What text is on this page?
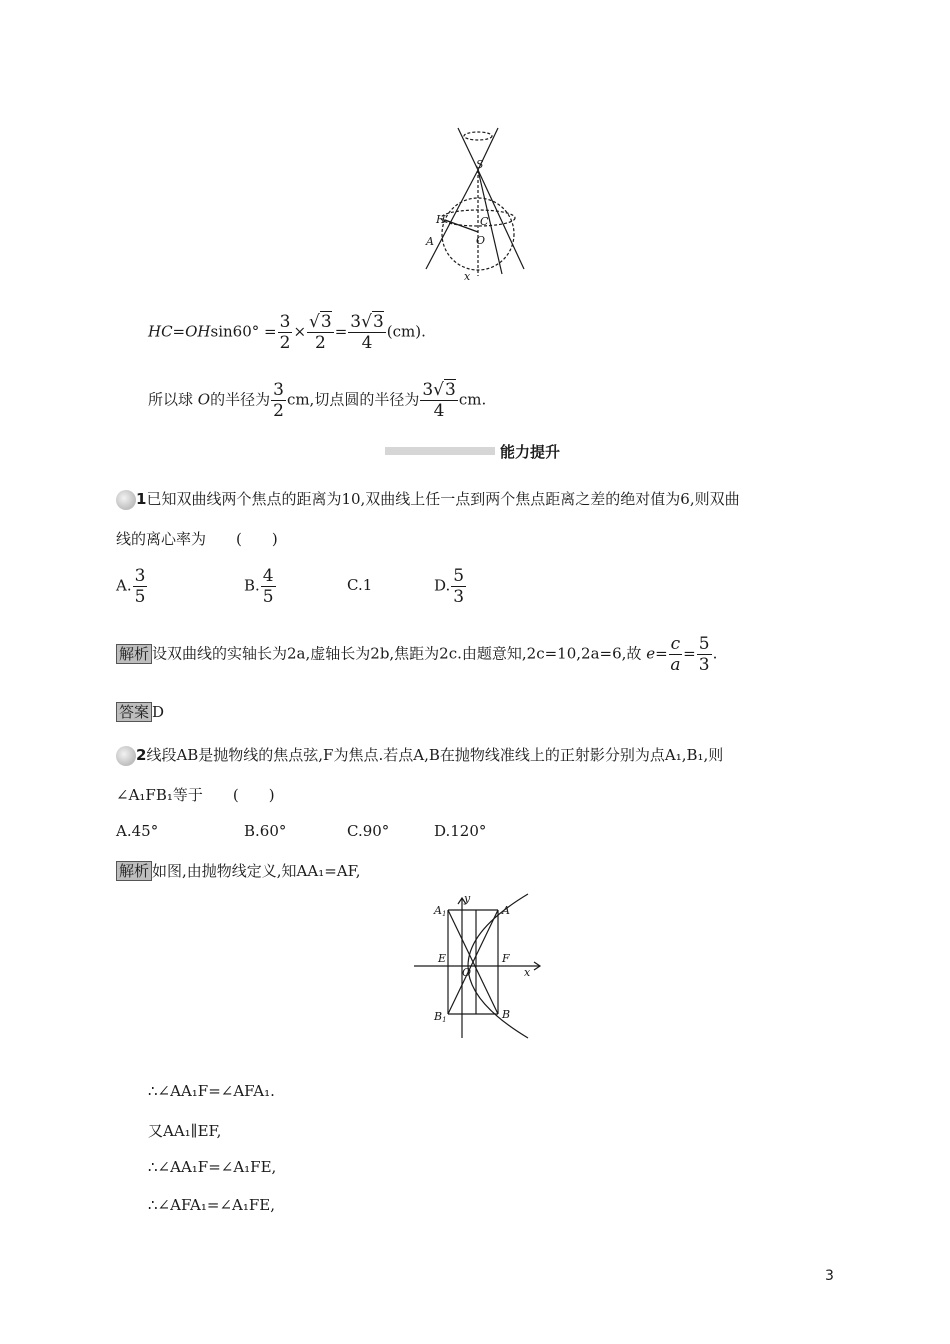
S
H	C
A	O
x
$HC=OHsin60^\circ = \frac{3}{2} \times \frac{√3}{2} = \frac{3√3}{4} (cm)$.
所以球 O的半径为 $\frac{3}{2}$ cm,切点圆的半径为 $\frac{3√3}{4}$ cm.
能力提升
1已知双曲线两个焦点的距离为10,双曲线上任一点到两个焦点距离之差的绝对值为6,则双曲
线的离心率为　　(　　)
A. $\frac{3}{5}$	B. $\frac{4}{5}$	C.1	D. $\frac{5}{3}$
解析 设双曲线的实轴长为2a,虚轴长为2b,焦距为2c.由题意知,2c=10,2a=6,故 $e= \frac{c}{a} = \frac{5}{3}$ .
答案 D
2线段AB是抛物线的焦点弦,F为焦点.若点A,B在抛物线准线上的正射影分别为点A₁,B₁,则
∠A₁FB₁等于　　(　　)
A.45°	B.60°	C.90°	D.120°
解析 如图,由抛物线定义,知AA₁=AF,
A1
y
A
E
O
F
x
B1	B
∴∠AA₁F=∠AFA₁.
又AA₁∥EF,
∴∠AA₁F=∠A₁FE,
∴∠AFA₁=∠A₁FE,
3
